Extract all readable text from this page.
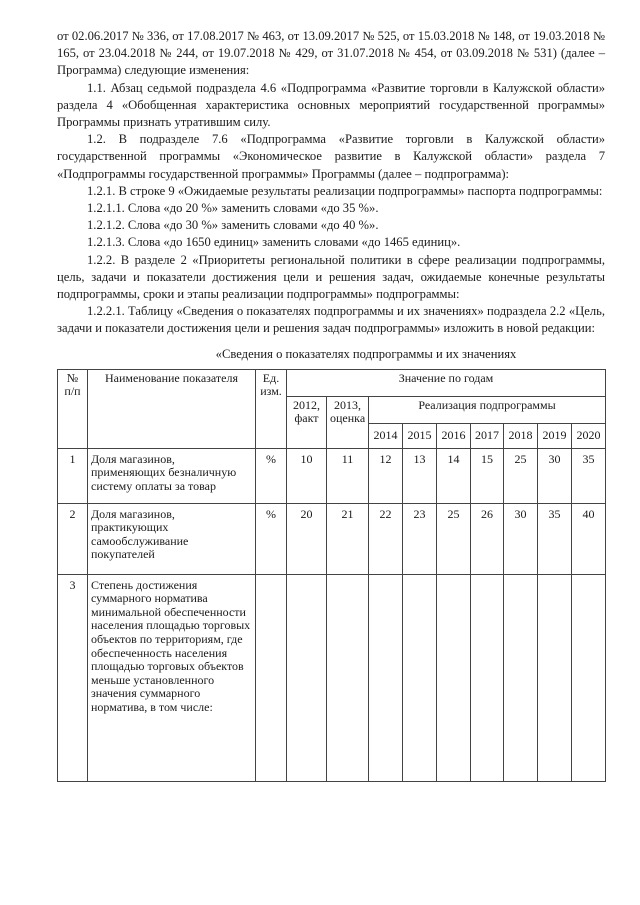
от 02.06.2017 № 336, от 17.08.2017 № 463, от 13.09.2017 № 525, от 15.03.2018 № 148, от 19.03.2018 № 165, от 23.04.2018 № 244, от 19.07.2018 № 429, от 31.07.2018 № 454, от 03.09.2018 № 531) (далее – Программа) следующие изменения:

1.1. Абзац седьмой подраздела 4.6 «Подпрограмма «Развитие торговли в Калужской области» раздела 4 «Обобщенная характеристика основных мероприятий государственной программы» Программы признать утратившим силу.

1.2. В подразделе 7.6 «Подпрограмма «Развитие торговли в Калужской области» государственной программы «Экономическое развитие в Калужской области» раздела 7 «Подпрограммы государственной программы» Программы (далее – подпрограмма):

1.2.1. В строке 9 «Ожидаемые результаты реализации подпрограммы» паспорта подпрограммы:

1.2.1.1. Слова «до 20 %» заменить словами «до 35 %».

1.2.1.2. Слова «до 30 %» заменить словами «до 40 %».

1.2.1.3. Слова «до 1650 единиц» заменить словами «до 1465 единиц».

1.2.2. В разделе 2 «Приоритеты региональной политики в сфере реализации подпрограммы, цель, задачи и показатели достижения цели и решения задач, ожидаемые конечные результаты подпрограммы, сроки и этапы реализации подпрограммы» подпрограммы:

1.2.2.1. Таблицу «Сведения о показателях подпрограммы и их значениях» подраздела 2.2 «Цель, задачи и показатели достижения цели и решения задач подпрограммы» изложить в новой редакции:

«Сведения о показателях подпрограммы и их значениях
№ п/п	Наименование показателя	Ед. изм.	Значение по годам								
			2012, факт	2013, оценка	Реализация подпрограммы						
					2014	2015	2016	2017	2018	2019	2020
1	Доля магазинов, применяющих безналичную систему оплаты за товар	%	10	11	12	13	14	15	25	30	35
2	Доля магазинов, практикующих самообслуживание покупателей	%	20	21	22	23	25	26	30	35	40
3	Степень достижения суммарного норматива минимальной обеспеченности населения площадью торговых объектов по территориям, где обеспеченность населения площадью торговых объектов меньше установленного значения суммарного норматива, в том числе:										
